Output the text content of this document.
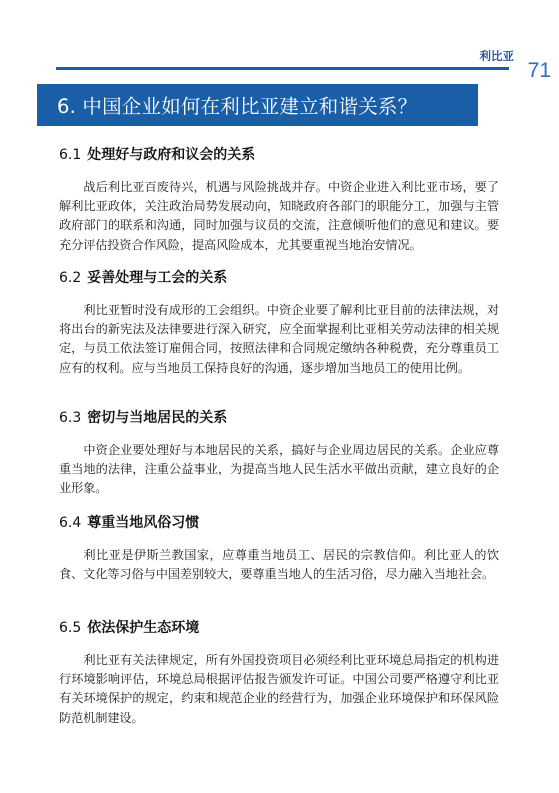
利比亚
71
6. 中国企业如何在利比亚建立和谐关系？
6.1 处理好与政府和议会的关系

战后利比亚百废待兴，机遇与风险挑战并存。中资企业进入利比亚市场，要了解利比亚政体，关注政治局势发展动向，知晓政府各部门的职能分工，加强与主管政府部门的联系和沟通，同时加强与议员的交流，注意倾听他们的意见和建议。要充分评估投资合作风险，提高风险成本，尤其要重视当地治安情况。

6.2 妥善处理与工会的关系

利比亚暂时没有成形的工会组织。中资企业要了解利比亚目前的法律法规，对将出台的新宪法及法律要进行深入研究，应全面掌握利比亚相关劳动法律的相关规定，与员工依法签订雇佣合同，按照法律和合同规定缴纳各种税费，充分尊重员工应有的权利。应与当地员工保持良好的沟通，逐步增加当地员工的使用比例。

6.3 密切与当地居民的关系

中资企业要处理好与本地居民的关系，搞好与企业周边居民的关系。企业应尊重当地的法律，注重公益事业，为提高当地人民生活水平做出贡献，建立良好的企业形象。

6.4 尊重当地风俗习惯

利比亚是伊斯兰教国家，应尊重当地员工、居民的宗教信仰。利比亚人的饮食、文化等习俗与中国差别较大，要尊重当地人的生活习俗，尽力融入当地社会。

6.5 依法保护生态环境

利比亚有关法律规定，所有外国投资项目必须经利比亚环境总局指定的机构进行环境影响评估，环境总局根据评估报告颁发许可证。中国公司要严格遵守利比亚有关环境保护的规定，约束和规范企业的经营行为，加强企业环境保护和环保风险防范机制建设。
